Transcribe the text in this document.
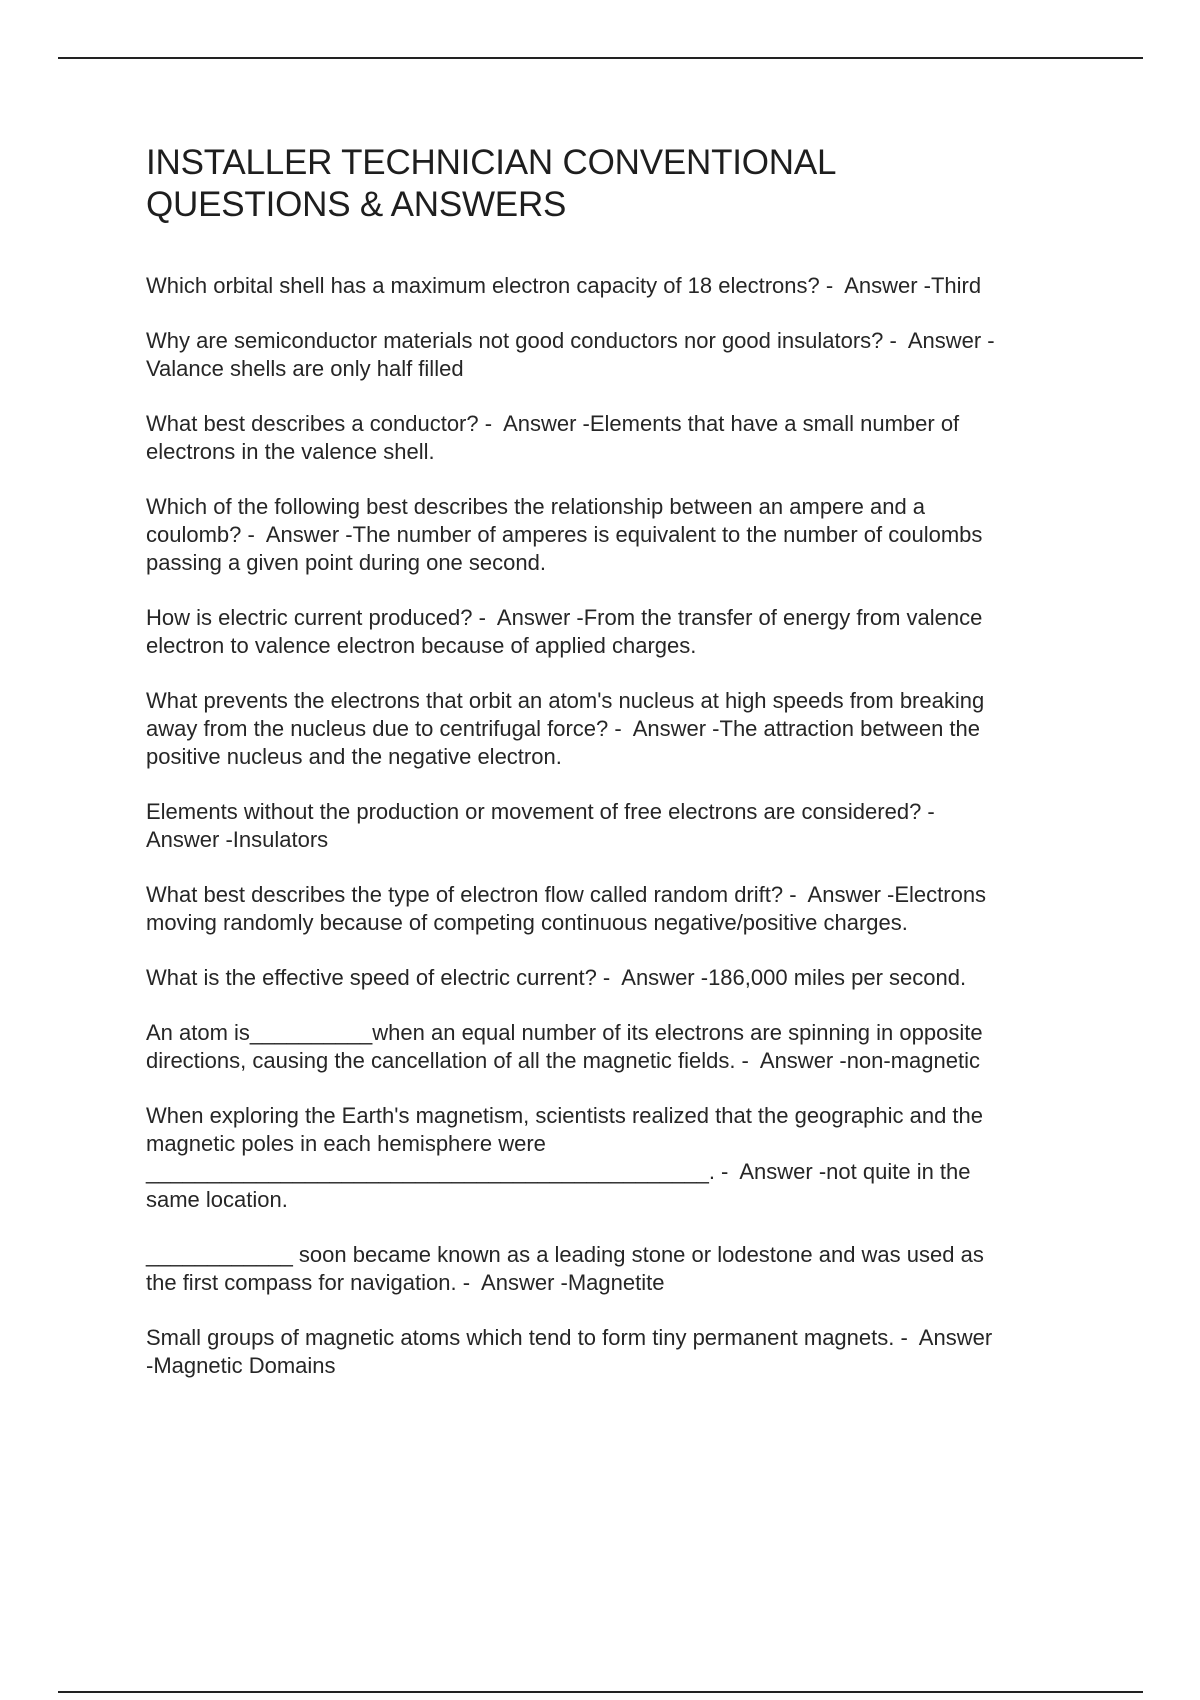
INSTALLER TECHNICIAN CONVENTIONAL
QUESTIONS & ANSWERS
Which orbital shell has a maximum electron capacity of 18 electrons? -  Answer -Third
Why are semiconductor materials not good conductors nor good insulators? -  Answer -
Valance shells are only half filled
What best describes a conductor? -  Answer -Elements that have a small number of
electrons in the valence shell.
Which of the following best describes the relationship between an ampere and a
coulomb? -  Answer -The number of amperes is equivalent to the number of coulombs
passing a given point during one second.
How is electric current produced? -  Answer -From the transfer of energy from valence
electron to valence electron because of applied charges.
What prevents the electrons that orbit an atom's nucleus at high speeds from breaking
away from the nucleus due to centrifugal force? -  Answer -The attraction between the
positive nucleus and the negative electron.
Elements without the production or movement of free electrons are considered? -
Answer -Insulators
What best describes the type of electron flow called random drift? -  Answer -Electrons
moving randomly because of competing continuous negative/positive charges.
What is the effective speed of electric current? -  Answer -186,000 miles per second.
An atom is__________when an equal number of its electrons are spinning in opposite
directions, causing the cancellation of all the magnetic fields. -  Answer -non-magnetic
When exploring the Earth's magnetism, scientists realized that the geographic and the
magnetic poles in each hemisphere were
______________________________________________. -  Answer -not quite in the
same location.
____________ soon became known as a leading stone or lodestone and was used as
the first compass for navigation. -  Answer -Magnetite
Small groups of magnetic atoms which tend to form tiny permanent magnets. -  Answer
-Magnetic Domains
